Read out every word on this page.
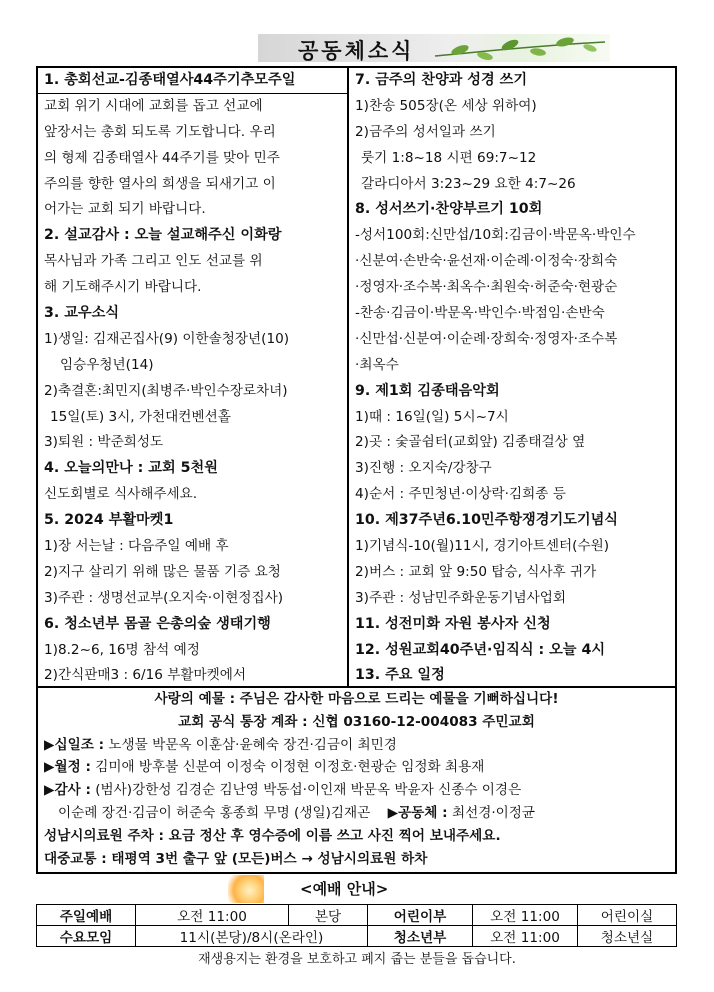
공동체소식
1. 총회선교-김종태열사44주기추모주일
교회 위기 시대에 교회를 돕고 선교에
앞장서는 총회 되도록 기도합니다. 우리
의 형제 김종태열사 44주기를 맞아 민주
주의를 향한 열사의 희생을 되새기고 이
어가는 교회 되기 바랍니다.
2. 설교감사 : 오늘 설교해주신 이화랑
목사님과 가족 그리고 인도 선교를 위
해 기도해주시기 바랍니다.
3. 교우소식
1)생일: 김재곤집사(9) 이한솔청장년(10)
임승우청년(14)
2)축결혼:최민지(최병주·박인수장로차녀)
15일(토) 3시, 가천대컨벤션홀
3)퇴원 : 박준희성도
4. 오늘의만나 : 교회 5천원
신도회별로 식사해주세요.
5. 2024 부활마켓1
1)장 서는날 : 다음주일 예배 후
2)지구 살리기 위해 많은 물품 기증 요청
3)주관 : 생명선교부(오지숙·이현정집사)
6. 청소년부 몸골 은총의숲 생태기행
1)8.2~6, 16명 참석 예정
2)간식판매3 : 6/16 부활마켓에서
7. 금주의 찬양과 성경 쓰기
1)찬송 505장(온 세상 위하여)
2)금주의 성서일과 쓰기
룻기 1:8~18 시편 69:7~12
갈라디아서 3:23~29 요한 4:7~26
8. 성서쓰기·찬양부르기 10회
-성서100회:신만섭/10회:김금이·박문옥·박인수
·신분여·손반숙·윤선재·이순례·이정숙·장희숙
·정영자·조수복·최옥수·최원숙·허준숙·현광순
-찬송·김금이·박문옥·박인수·박점임·손반숙
·신만섭·신분여·이순례·장희숙·정영자·조수복
·최옥수
9. 제1회 김종태음악회
1)때 : 16일(일) 5시~7시
2)곳 : 숯골쉼터(교회앞) 김종태걸상 옆
3)진행 : 오지숙/강창구
4)순서 : 주민청년·이상락·김희종 등
10. 제37주년6.10민주항쟁경기도기념식
1)기념식-10(월)11시, 경기아트센터(수원)
2)버스 : 교회 앞 9:50 탑승, 식사후 귀가
3)주관 : 성남민주화운동기념사업회
11. 성전미화 자원 봉사자 신청
12. 성원교회40주년·임직식 : 오늘 4시
13. 주요 일정
사랑의 예물 : 주님은 감사한 마음으로 드리는 예물을 기뻐하십니다!
교회 공식 통장 계좌 : 신협 03160-12-004083 주민교회
▶십일조 : 노생물 박문옥 이훈삼·윤혜숙 장건·김금이 최민경
▶월정 : 김미애 방후불 신분여 이정숙 이정현 이정호·현광순 임정화 최용재
▶감사 : (범사)강한성 김경순 김난영 박동섭·이인재 박문옥 박윤자 신종수 이경은
이순례 장건·김금이 허준숙 홍종희 무명 (생일)김재곤 ▶공동체 : 최선경·이정균
성남시의료원 주차 : 요금 정산 후 영수증에 이름 쓰고 사진 찍어 보내주세요.
대중교통 : 태평역 3번 출구 앞 (모든)버스 → 성남시의료원 하차
<예배 안내>
주일예배	오전 11:00	본당	어린이부	오전 11:00	어린이실
수요모임	11시(본당)/8시(온라인)		청소년부	오전 11:00	청소년실
재생용지는 환경을 보호하고 폐지 줍는 분들을 돕습니다.
